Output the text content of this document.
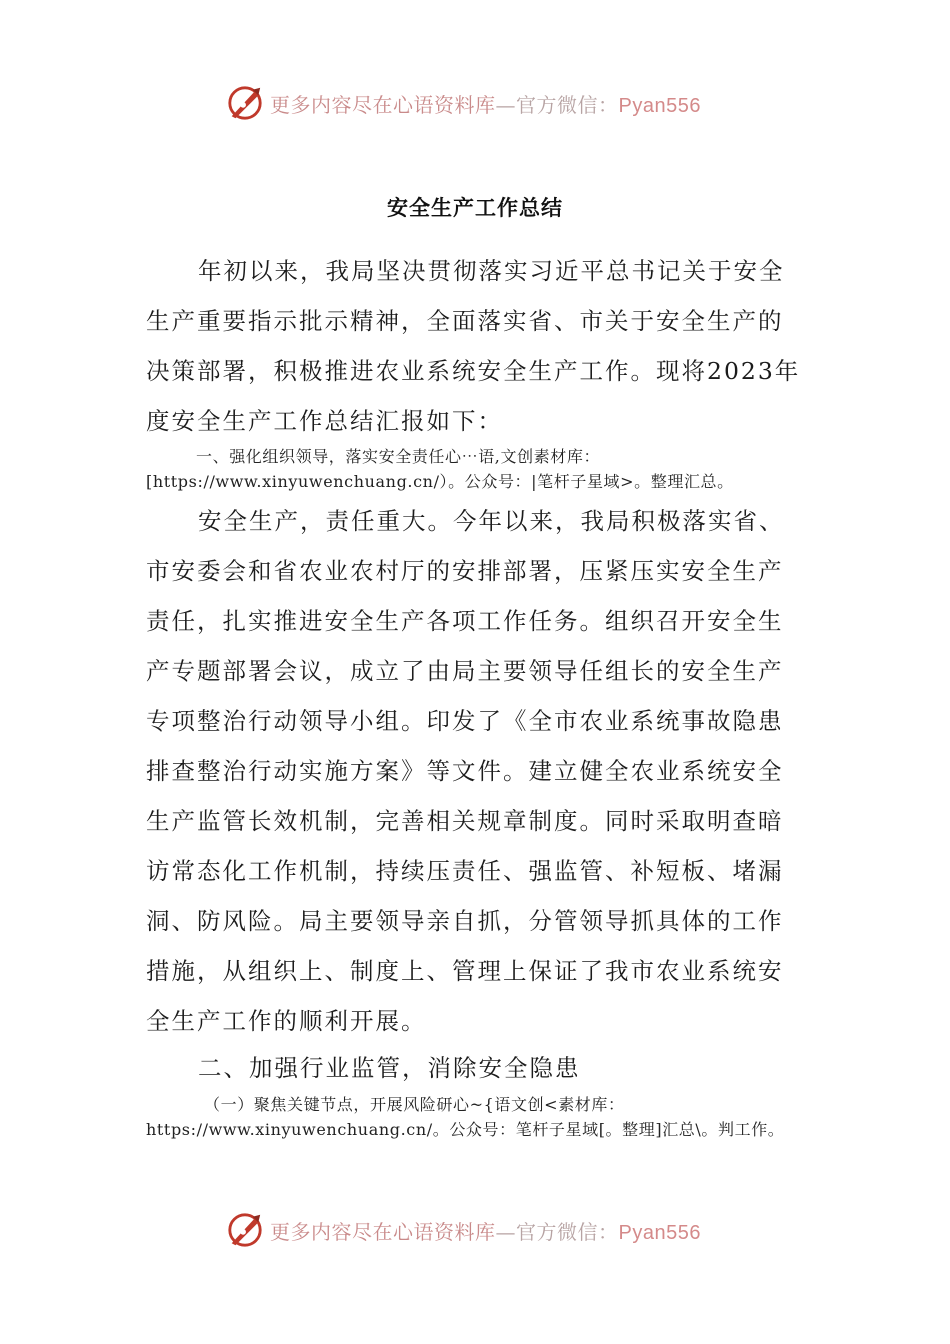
更多内容尽在心语资料库—官方微信：Pyan556
安全生产工作总结

年初以来，我局坚决贯彻落实习近平总书记关于安全生产重要指示批示精神，全面落实省、市关于安全生产的决策部署，积极推进农业系统安全生产工作。现将2023年度安全生产工作总结汇报如下：

一、强化组织领导，落实安全责任心⋯语,文创素材库：[https://www.xinyuwenchuang.cn/）。公众号：|笔杆子星域>。整理汇总。

安全生产，责任重大。今年以来，我局积极落实省、市安委会和省农业农村厅的安排部署，压紧压实安全生产责任，扎实推进安全生产各项工作任务。组织召开安全生产专题部署会议，成立了由局主要领导任组长的安全生产专项整治行动领导小组。印发了《全市农业系统事故隐患排查整治行动实施方案》等文件。建立健全农业系统安全生产监管长效机制，完善相关规章制度。同时采取明查暗访常态化工作机制，持续压责任、强监管、补短板、堵漏洞、防风险。局主要领导亲自抓，分管领导抓具体的工作措施，从组织上、制度上、管理上保证了我市农业系统安全生产工作的顺利开展。

二、加强行业监管，消除安全隐患

（一）聚焦关键节点，开展风险研心~{语文创<素材库：https://www.xinyuwenchuang.cn/。公众号：笔杆子星域[。整理]汇总\。判工作。

更多内容尽在心语资料库—官方微信：Pyan556
